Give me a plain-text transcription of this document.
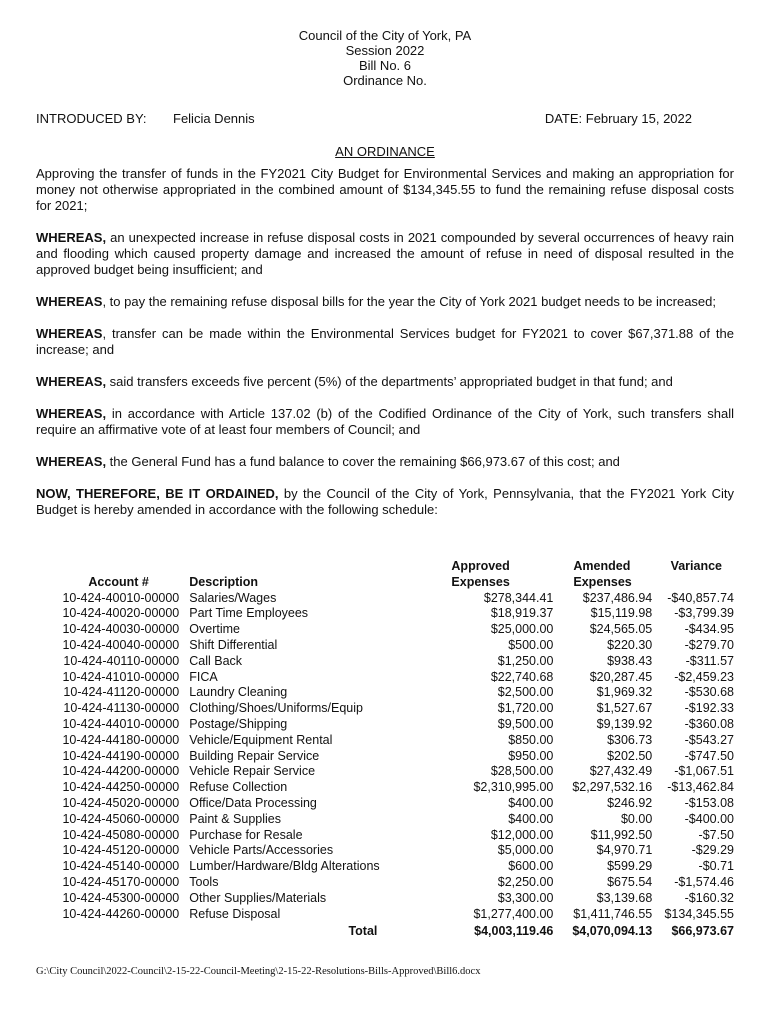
Council of the City of York, PA
Session 2022
Bill No. 6
Ordinance No.
INTRODUCED BY: Felicia Dennis	DATE: February 15, 2022
AN ORDINANCE

Approving the transfer of funds in the FY2021 City Budget for Environmental Services and making an appropriation for money not otherwise appropriated in the combined amount of $134,345.55 to fund the remaining refuse disposal costs for 2021;

WHEREAS, an unexpected increase in refuse disposal costs in 2021 compounded by several occurrences of heavy rain and flooding which caused property damage and increased the amount of refuse in need of disposal resulted in the approved budget being insufficient; and

WHEREAS, to pay the remaining refuse disposal bills for the year the City of York 2021 budget needs to be increased;

WHEREAS, transfer can be made within the Environmental Services budget for FY2021 to cover $67,371.88 of the increase; and

WHEREAS, said transfers exceeds five percent (5%) of the departments’ appropriated budget in that fund; and

WHEREAS, in accordance with Article 137.02 (b) of the Codified Ordinance of the City of York, such transfers shall require an affirmative vote of at least four members of Council; and

WHEREAS, the General Fund has a fund balance to cover the remaining $66,973.67 of this cost; and

NOW, THEREFORE, BE IT ORDAINED, by the Council of the City of York, Pennsylvania, that the FY2021 York City Budget is hereby amended in accordance with the following schedule:

		Approved	Amended	Variance
Account #	Description	Expenses	Expenses	
10-424-40010-00000	Salaries/Wages	$278,344.41	$237,486.94	-$40,857.74
10-424-40020-00000	Part Time Employees	$18,919.37	$15,119.98	-$3,799.39
10-424-40030-00000	Overtime	$25,000.00	$24,565.05	-$434.95
10-424-40040-00000	Shift Differential	$500.00	$220.30	-$279.70
10-424-40110-00000	Call Back	$1,250.00	$938.43	-$311.57
10-424-41010-00000	FICA	$22,740.68	$20,287.45	-$2,459.23
10-424-41120-00000	Laundry Cleaning	$2,500.00	$1,969.32	-$530.68
10-424-41130-00000	Clothing/Shoes/Uniforms/Equip	$1,720.00	$1,527.67	-$192.33
10-424-44010-00000	Postage/Shipping	$9,500.00	$9,139.92	-$360.08
10-424-44180-00000	Vehicle/Equipment Rental	$850.00	$306.73	-$543.27
10-424-44190-00000	Building Repair Service	$950.00	$202.50	-$747.50
10-424-44200-00000	Vehicle Repair Service	$28,500.00	$27,432.49	-$1,067.51
10-424-44250-00000	Refuse Collection	$2,310,995.00	$2,297,532.16	-$13,462.84
10-424-45020-00000	Office/Data Processing	$400.00	$246.92	-$153.08
10-424-45060-00000	Paint & Supplies	$400.00	$0.00	-$400.00
10-424-45080-00000	Purchase for Resale	$12,000.00	$11,992.50	-$7.50
10-424-45120-00000	Vehicle Parts/Accessories	$5,000.00	$4,970.71	-$29.29
10-424-45140-00000	Lumber/Hardware/Bldg Alterations	$600.00	$599.29	-$0.71
10-424-45170-00000	Tools	$2,250.00	$675.54	-$1,574.46
10-424-45300-00000	Other Supplies/Materials	$3,300.00	$3,139.68	-$160.32
10-424-44260-00000	Refuse Disposal	$1,277,400.00	$1,411,746.55	$134,345.55
	Total	$4,003,119.46	$4,070,094.13	$66,973.67
G:\City Council\2022-Council\2-15-22-Council-Meeting\2-15-22-Resolutions-Bills-Approved\Bill6.docx
